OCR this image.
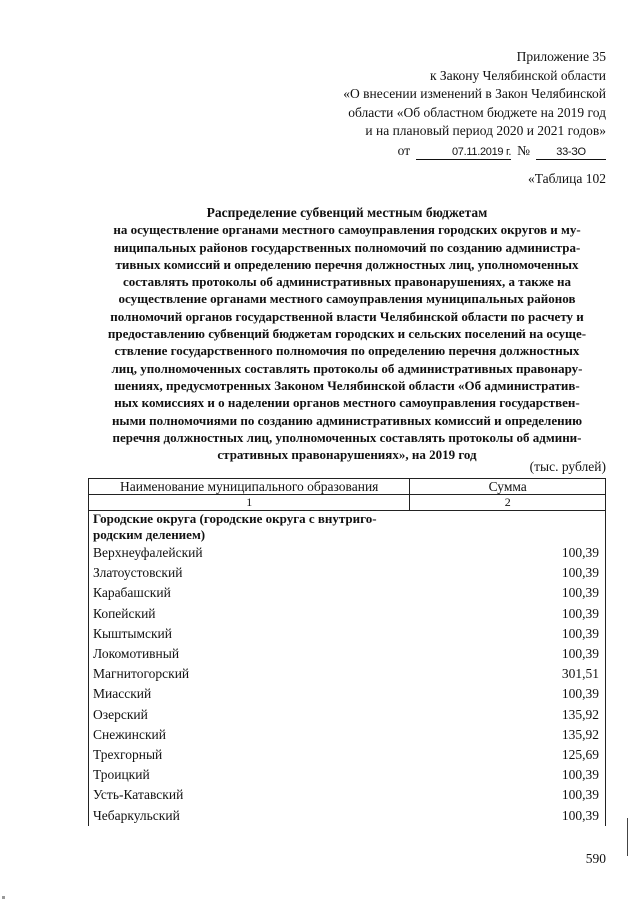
Приложение 35
к Закону Челябинской области
«О внесении изменений в Закон Челябинской
области «Об областном бюджете на 2019 год
и на плановый период 2020 и 2021 годов»
от	07.11.2019 г. №	33-ЗО
«Таблица 102
Распределение субвенций местным бюджетам
на осуществление органами местного самоуправления городских округов и му-
ниципальных районов государственных полномочий по созданию администра-
тивных комиссий и определению перечня должностных лиц, уполномоченных
составлять протоколы об административных правонарушениях, а также на
осуществление органами местного самоуправления муниципальных районов
полномочий органов государственной власти Челябинской области по расчету и
предоставлению субвенций бюджетам городских и сельских поселений на осуще-
ствление государственного полномочия по определению перечня должностных
лиц, уполномоченных составлять протоколы об административных правонару-
шениях, предусмотренных Законом Челябинской области «Об административ-
ных комиссиях и о наделении органов местного самоуправления государствен-
ными полномочиями по созданию административных комиссий и определению
перечня должностных лиц, уполномоченных составлять протоколы об админи-
стративных правонарушениях», на 2019 год
(тыс. рублей)
Наименование муниципального образования	Сумма
1	2

Городские округа (городские округа с внутриго-
родским делением)	

Верхнеуфалейский	100,39
Златоустовский	100,39
Карабашский	100,39
Копейский	100,39
Кыштымский	100,39
Локомотивный	100,39
Магнитогорский	301,51
Миасский	100,39
Озерский	135,92
Снежинский	135,92
Трехгорный	125,69
Троицкий	100,39
Усть-Катавский	100,39
Чебаркульский	100,39
590
